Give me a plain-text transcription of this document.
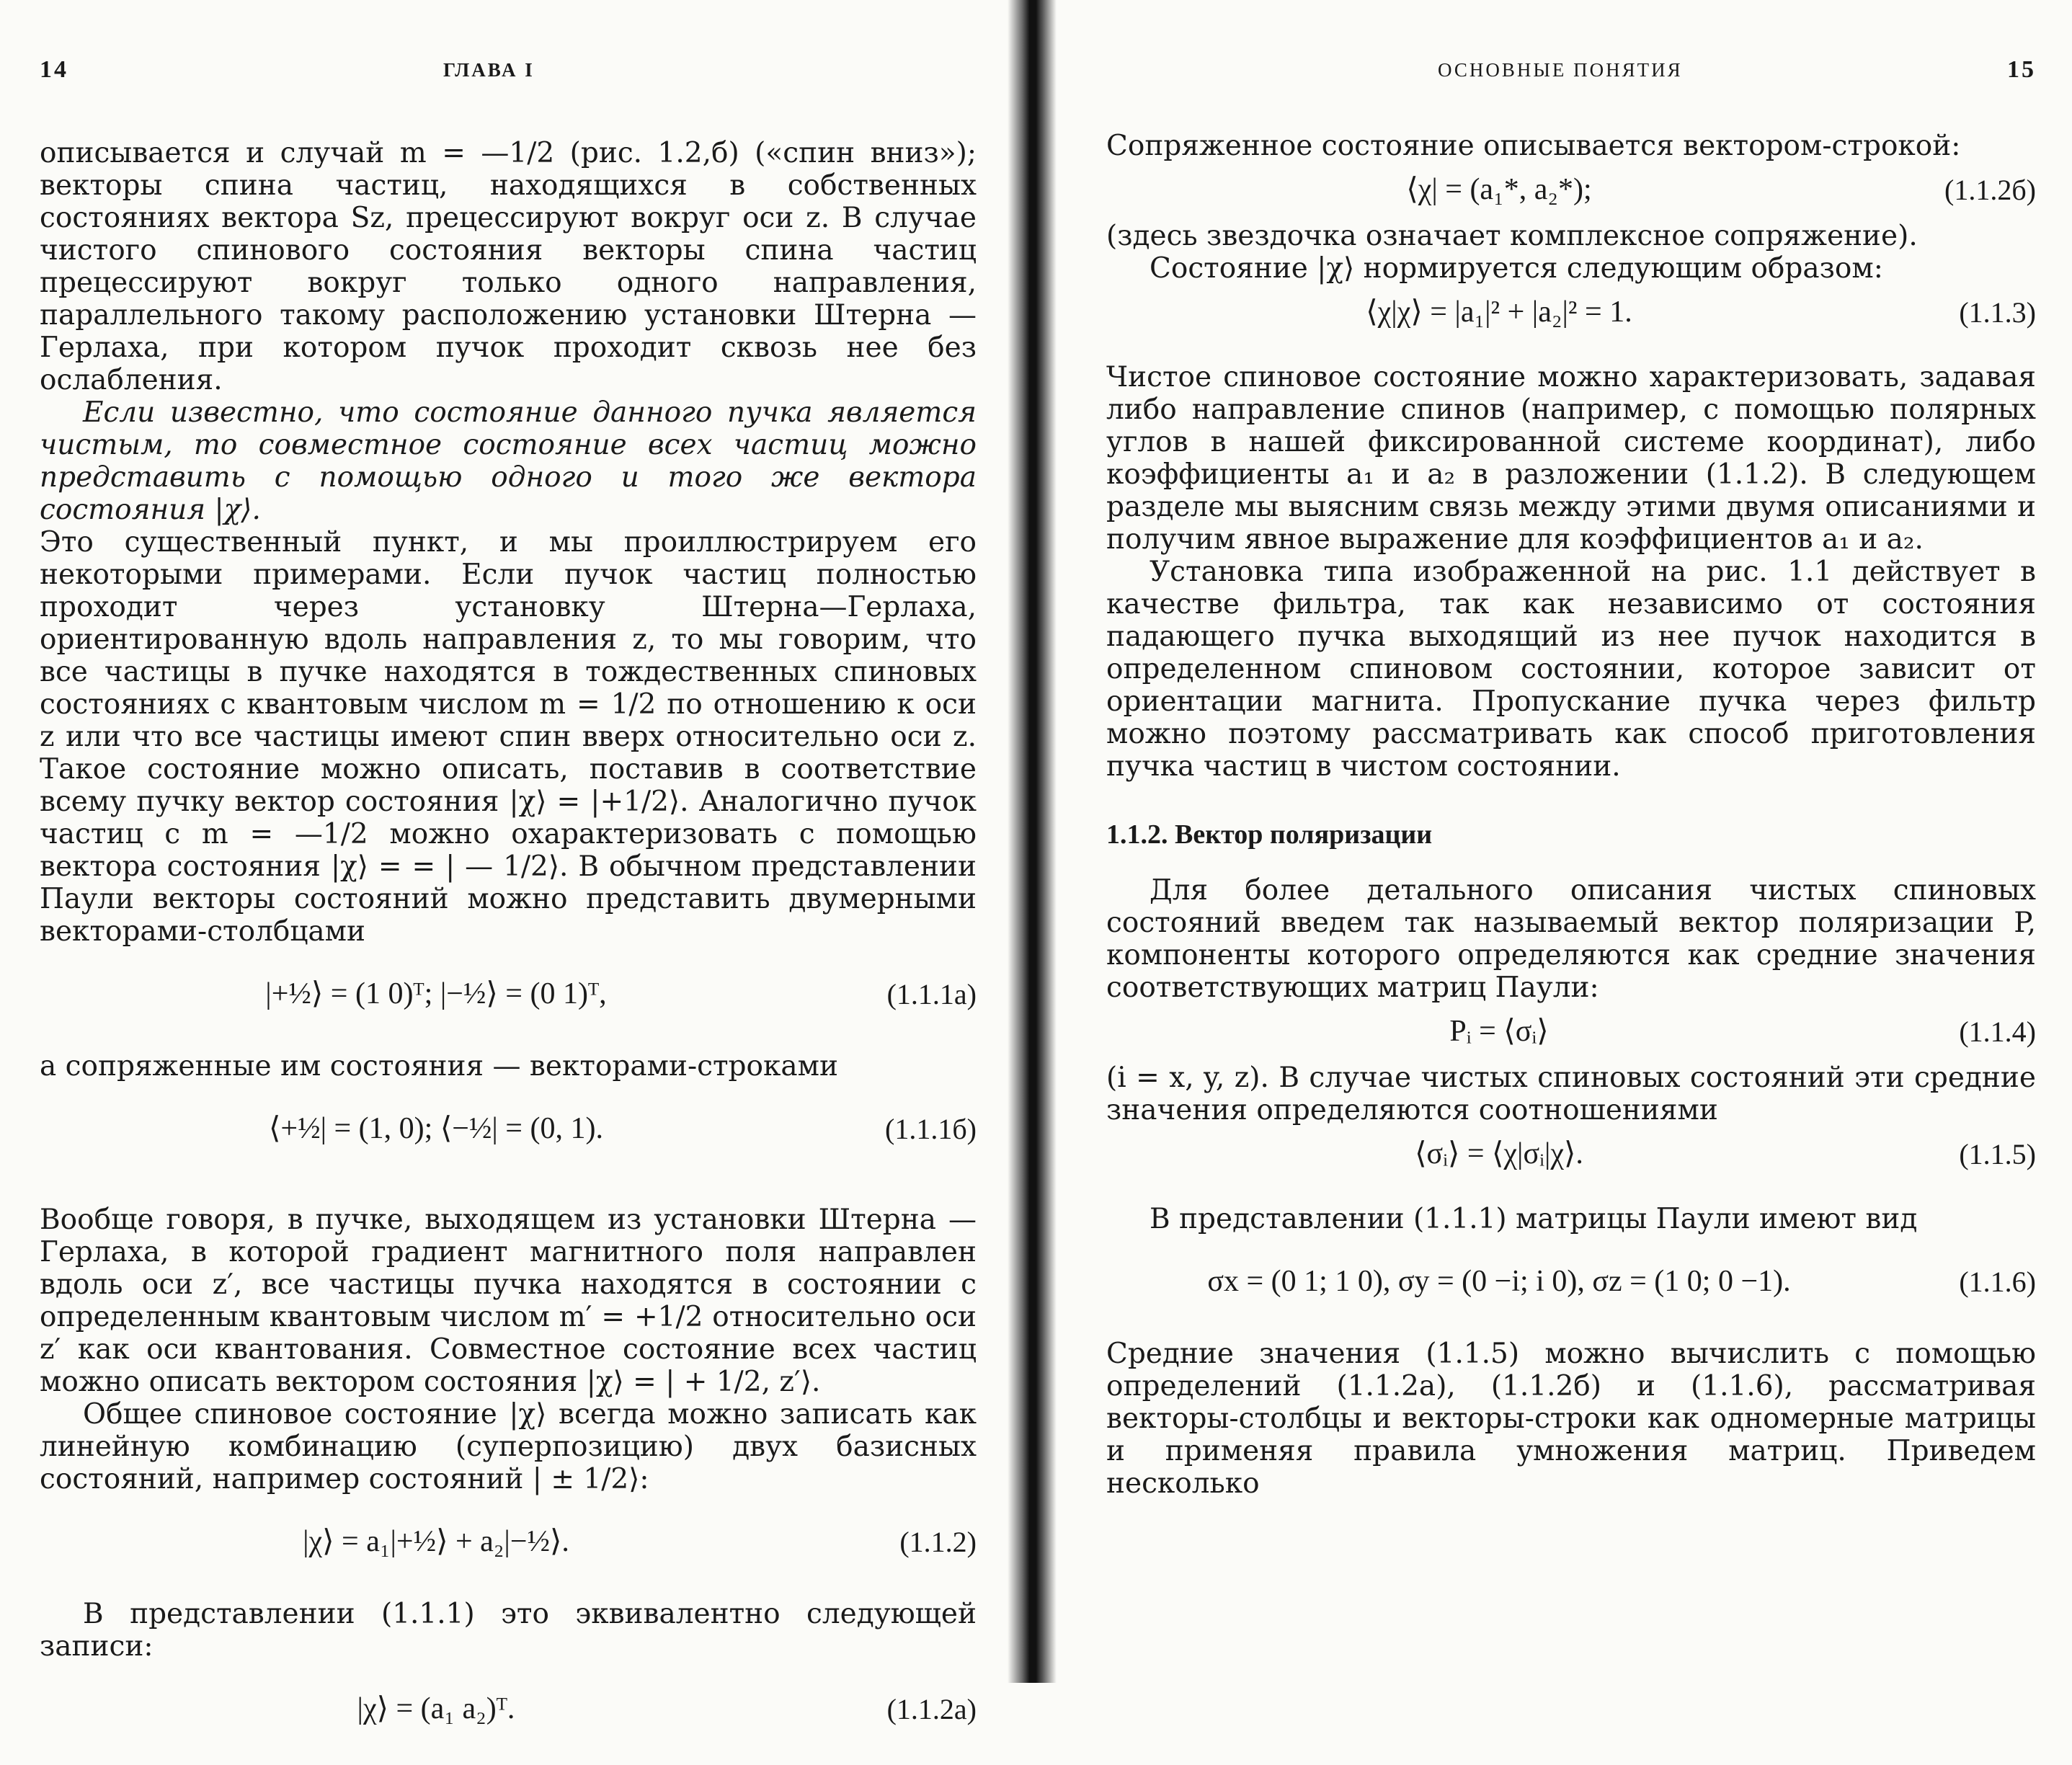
14	ГЛАВА I

описывается и случай m = —1/2 (рис. 1.2,б) («спин вниз»); векторы спина частиц, находящихся в собственных состояниях вектора Sz, прецессируют вокруг оси z. В случае чистого спинового состояния векторы спина частиц прецессируют вокруг только одного направления, параллельного такому расположению установки Штерна — Герлаха, при котором пучок проходит сквозь нее без ослабления.

Если известно, что состояние данного пучка является чистым, то совместное состояние всех частиц можно представить с помощью одного и того же вектора состояния |χ⟩.

Это существенный пункт, и мы проиллюстрируем его некоторыми примерами. Если пучок частиц полностью проходит через установку Штерна—Герлаха, ориентированную вдоль направления z, то мы говорим, что все частицы в пучке находятся в тождественных спиновых состояниях с квантовым числом m = 1/2 по отношению к оси z или что все частицы имеют спин вверх относительно оси z. Такое состояние можно описать, поставив в соответствие всему пучку вектор состояния |χ⟩ = |+1/2⟩. Аналогично пучок частиц с m = —1/2 можно охарактеризовать с помощью вектора состояния |χ⟩ = = | — 1/2⟩. В обычном представлении Паули векторы состояний можно представить двумерными векторами-столбцами

|+½⟩ = (1 0)ᵀ; |−½⟩ = (0 1)ᵀ,	(1.1.1a)

а сопряженные им состояния — векторами-строками

⟨+½| = (1, 0); ⟨−½| = (0, 1).	(1.1.1б)

Вообще говоря, в пучке, выходящем из установки Штерна — Герлаха, в которой градиент магнитного поля направлен вдоль оси z′, все частицы пучка находятся в состоянии с определенным квантовым числом m′ = +1/2 относительно оси z′ как оси квантования. Совместное состояние всех частиц можно описать вектором состояния |χ⟩ = | + 1/2, z′⟩.

Общее спиновое состояние |χ⟩ всегда можно записать как линейную комбинацию (суперпозицию) двух базисных состояний, например состояний | ± 1/2⟩:

|χ⟩ = a₁|+½⟩ + a₂|−½⟩.	(1.1.2)

В представлении (1.1.1) это эквивалентно следующей записи:

|χ⟩ = (a₁ a₂)ᵀ.	(1.1.2a)
ОСНОВНЫЕ ПОНЯТИЯ	15

Сопряженное состояние описывается вектором-строкой:

⟨χ| = (a₁*, a₂*);	(1.1.2б)

(здесь звездочка означает комплексное сопряжение).

Состояние |χ⟩ нормируется следующим образом:

⟨χ|χ⟩ = |a₁|² + |a₂|² = 1.	(1.1.3)

Чистое спиновое состояние можно характеризовать, задавая либо направление спинов (например, с помощью полярных углов в нашей фиксированной системе координат), либо коэффициенты a₁ и a₂ в разложении (1.1.2). В следующем разделе мы выясним связь между этими двумя описаниями и получим явное выражение для коэффициентов a₁ и a₂.

Установка типа изображенной на рис. 1.1 действует в качестве фильтра, так как независимо от состояния падающего пучка выходящий из нее пучок находится в определенном спиновом состоянии, которое зависит от ориентации магнита. Пропускание пучка через фильтр можно поэтому рассматривать как способ приготовления пучка частиц в чистом состоянии.

1.1.2. Вектор поляризации

Для более детального описания чистых спиновых состояний введем так называемый вектор поляризации P, компоненты которого определяются как средние значения соответствующих матриц Паули:

Pᵢ = ⟨σᵢ⟩	(1.1.4)

(i = x, y, z). В случае чистых спиновых состояний эти средние значения определяются соотношениями

⟨σᵢ⟩ = ⟨χ|σᵢ|χ⟩.	(1.1.5)

В представлении (1.1.1) матрицы Паули имеют вид

σx = (0 1; 1 0), σy = (0 −i; i 0), σz = (1 0; 0 −1).	(1.1.6)

Средние значения (1.1.5) можно вычислить с помощью определений (1.1.2a), (1.1.2б) и (1.1.6), рассматривая векторы-столбцы и векторы-строки как одномерные матрицы и применяя правила умножения матриц. Приведем несколько
